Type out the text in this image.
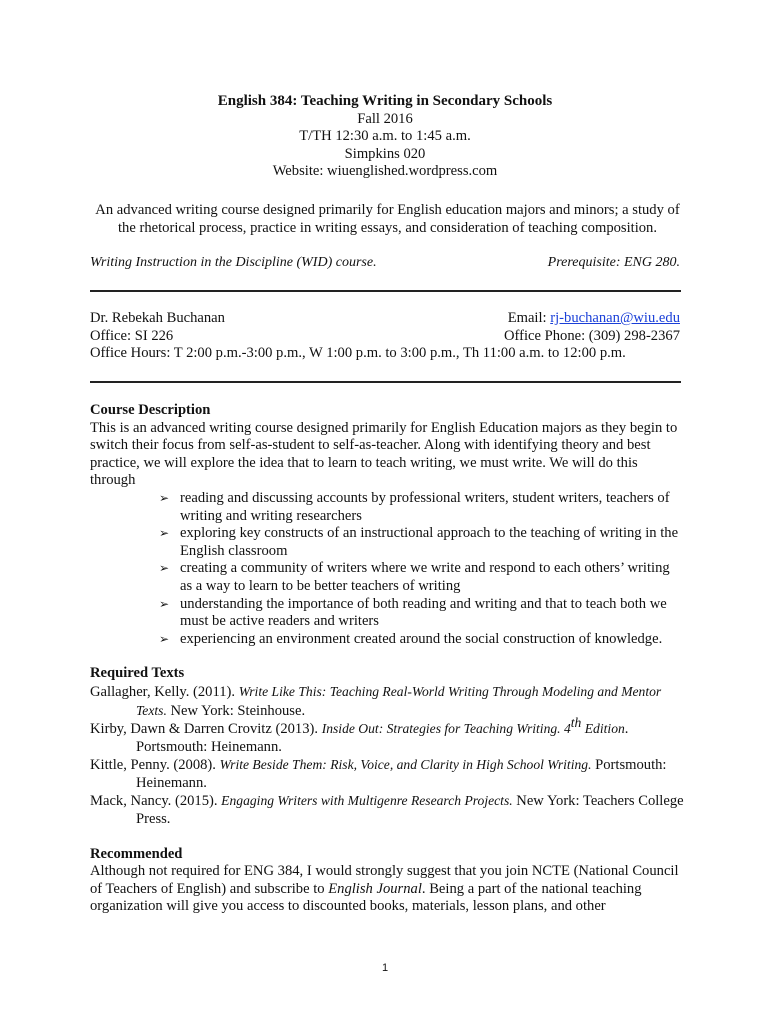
English 384: Teaching Writing in Secondary Schools
Fall 2016
T/TH 12:30 a.m. to 1:45 a.m.
Simpkins 020
Website: wiuenglished.wordpress.com
An advanced writing course designed primarily for English education majors and minors; a study of the rhetorical process, practice in writing essays, and consideration of teaching composition.
Writing Instruction in the Discipline (WID) course.	Prerequisite: ENG 280.
Dr. Rebekah Buchanan	Email: rj-buchanan@wiu.edu
Office: SI 226	Office Phone: (309) 298-2367
Office Hours: T 2:00 p.m.-3:00 p.m., W 1:00 p.m. to 3:00 p.m., Th 11:00 a.m. to 12:00 p.m.
Course Description

This is an advanced writing course designed primarily for English Education majors as they begin to switch their focus from self-as-student to self-as-teacher. Along with identifying theory and best practice, we will explore the idea that to learn to teach writing, we must write. We will do this through

➢ reading and discussing accounts by professional writers, student writers, teachers of writing and writing researchers
➢ exploring key constructs of an instructional approach to the teaching of writing in the English classroom
➢ creating a community of writers where we write and respond to each others’ writing as a way to learn to be better teachers of writing
➢ understanding the importance of both reading and writing and that to teach both we must be active readers and writers
➢ experiencing an environment created around the social construction of knowledge.
Required Texts

Gallagher, Kelly. (2011). Write Like This: Teaching Real-World Writing Through Modeling and Mentor Texts. New York: Steinhouse.

Kirby, Dawn & Darren Crovitz (2013). Inside Out: Strategies for Teaching Writing. 4th Edition. Portsmouth: Heinemann.

Kittle, Penny. (2008). Write Beside Them: Risk, Voice, and Clarity in High School Writing. Portsmouth: Heinemann.

Mack, Nancy. (2015). Engaging Writers with Multigenre Research Projects. New York: Teachers College Press.

Recommended

Although not required for ENG 384, I would strongly suggest that you join NCTE (National Council of Teachers of English) and subscribe to English Journal. Being a part of the national teaching organization will give you access to discounted books, materials, lesson plans, and other

1
